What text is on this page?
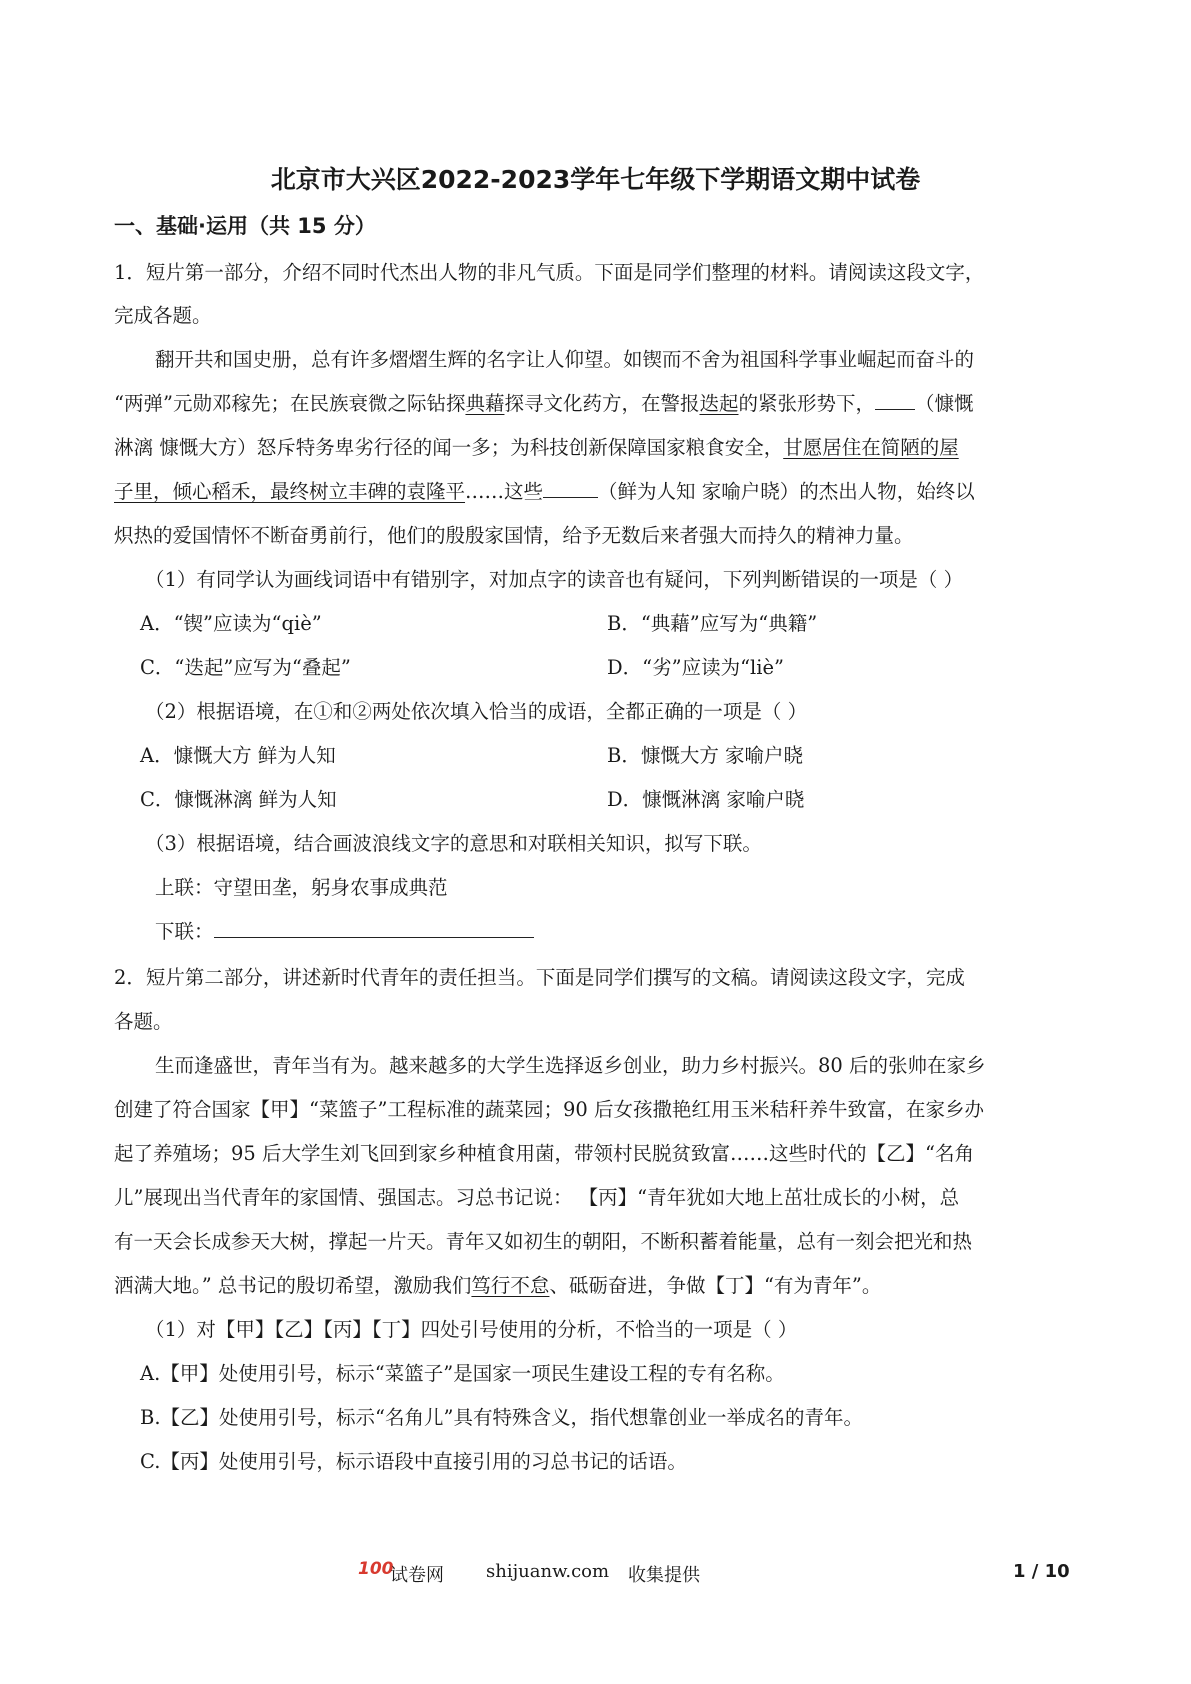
北京市大兴区2022-2023学年七年级下学期语文期中试卷
一、基础·运用（共 15 分）
1．短片第一部分，介绍不同时代杰出人物的非凡气质。下面是同学们整理的材料。请阅读这段文字，
完成各题。
翻开共和国史册，总有许多熠熠生辉的名字让人仰望。如锲而不舍为祖国科学事业崛起而奋斗的
“两弹”元勋邓稼先；在民族衰微之际钻探典藉探寻文化药方，在警报迭起的紧张形势下， （慷慨
淋漓 慷慨大方）怒斥特务卑劣行径的闻一多；为科技创新保障国家粮食安全，甘愿居住在简陋的屋
子里，倾心稻禾，最终树立丰碑的袁隆平……这些	（鲜为人知 家喻户晓）的杰出人物，始终以
炽热的爱国情怀不断奋勇前行，他们的殷殷家国情，给予无数后来者强大而持久的精神力量。
（1）有同学认为画线词语中有错别字，对加点字的读音也有疑问，下列判断错误的一项是（ ）
A．“锲”应读为“qiè”	B．“典藉”应写为“典籍”
C．“迭起”应写为“叠起”	D．“劣”应读为“liè”
（2）根据语境，在①和②两处依次填入恰当的成语，全都正确的一项是（ ）
A．慷慨大方 鲜为人知	B．慷慨大方 家喻户晓
C．慷慨淋漓 鲜为人知	D．慷慨淋漓 家喻户晓
（3）根据语境，结合画波浪线文字的意思和对联相关知识，拟写下联。
上联：守望田垄，躬身农事成典范
下联：
2．短片第二部分，讲述新时代青年的责任担当。下面是同学们撰写的文稿。请阅读这段文字，完成
各题。
生而逢盛世，青年当有为。越来越多的大学生选择返乡创业，助力乡村振兴。80 后的张帅在家乡
创建了符合国家【甲】“菜篮子”工程标准的蔬菜园；90 后女孩撒艳红用玉米秸秆养牛致富，在家乡办
起了养殖场；95 后大学生刘飞回到家乡种植食用菌，带领村民脱贫致富……这些时代的【乙】“名角
儿”展现出当代青年的家国情、强国志。习总书记说： 【丙】“青年犹如大地上茁壮成长的小树，总
有一天会长成参天大树，撑起一片天。青年又如初生的朝阳，不断积蓄着能量，总有一刻会把光和热
洒满大地。” 总书记的殷切希望，激励我们笃行不怠、砥砺奋进，争做【丁】“有为青年”。
（1）对【甲】【乙】【丙】【丁】四处引号使用的分析，不恰当的一项是（ ）
A.【甲】处使用引号，标示“菜篮子”是国家一项民生建设工程的专有名称。
B.【乙】处使用引号，标示“名角儿”具有特殊含义，指代想靠创业一举成名的青年。
C.【丙】处使用引号，标示语段中直接引用的习总书记的话语。
100
试卷网 shijuanw.com 收集提供	1 / 10
